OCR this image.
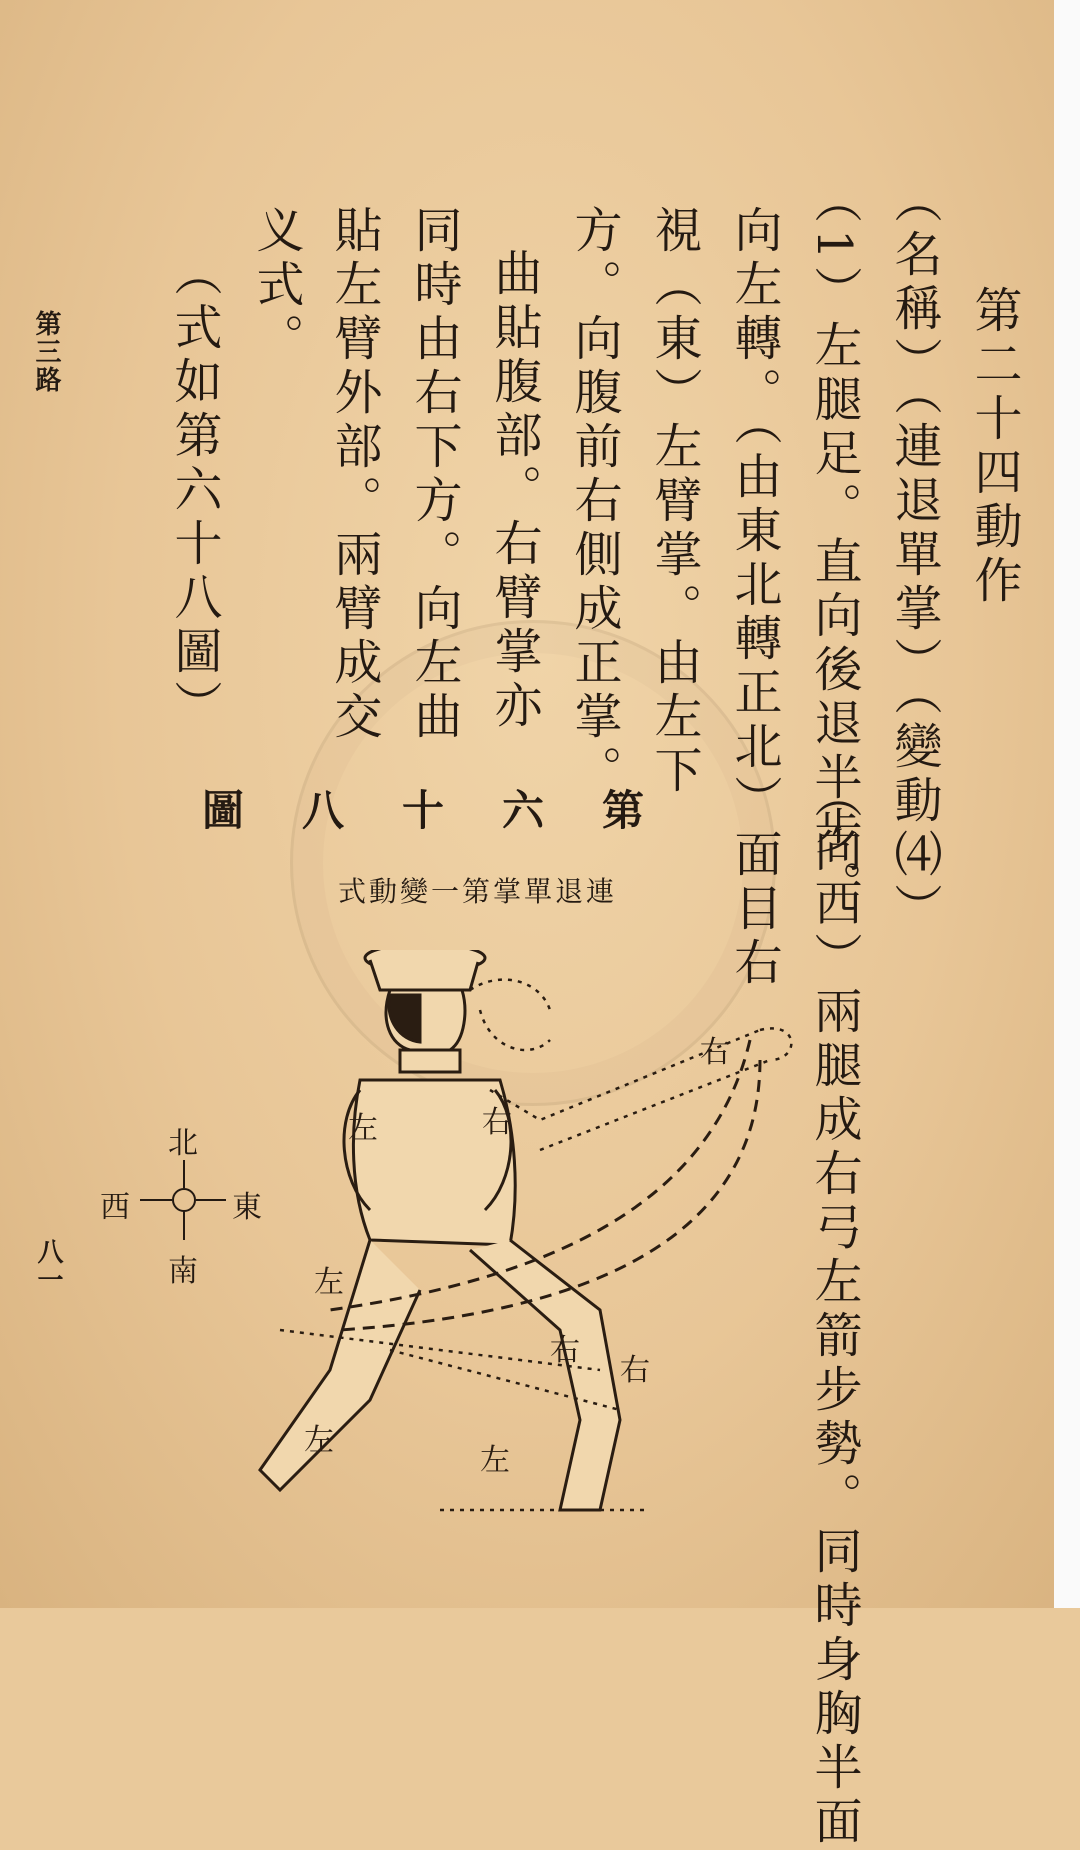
第二十四動作
（名稱）（連退單掌）（變動⑷）
（1）左腿足。直向後退半步。
（向西）兩腿成右弓左箭步勢。同時身胸半面
向左轉。（由東北轉正北）面目右
視（東）左臂掌。由左下
方。向腹前右側成正掌。
曲貼腹部。右臂掌亦
同時由右下方。向左曲
貼左臂外部。兩臂成交
义式。
（式如第六十八圖）
第三路
八一
第六十八圖
連退單掌第一變動式
北
西	東
南
左	右
右
左
右
右
左
左
